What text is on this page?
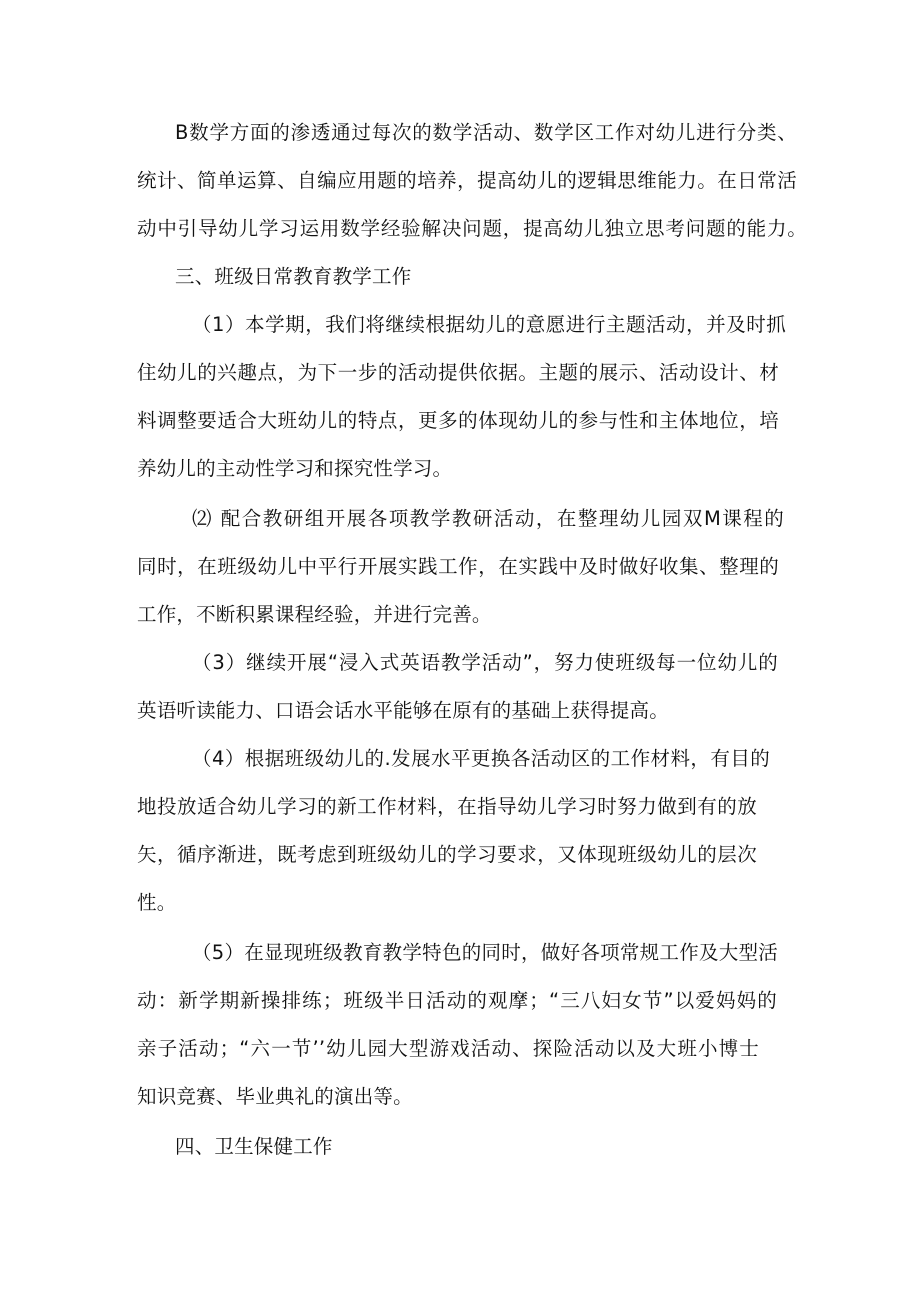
B数学方面的渗透通过每次的数学活动、数学区工作对幼儿进行分类、

统计、简单运算、自编应用题的培养，提高幼儿的逻辑思维能力。在日常活

动中引导幼儿学习运用数学经验解决问题，提高幼儿独立思考问题的能力。

三、班级日常教育教学工作

（1）本学期，我们将继续根据幼儿的意愿进行主题活动，并及时抓

住幼儿的兴趣点，为下一步的活动提供依据。主题的展示、活动设计、材

料调整要适合大班幼儿的特点，更多的体现幼儿的参与性和主体地位，培

养幼儿的主动性学习和探究性学习。

⑵ 配合教研组开展各项教学教研活动，在整理幼儿园双M课程的

同时，在班级幼儿中平行开展实践工作，在实践中及时做好收集、整理的

工作，不断积累课程经验，并进行完善。

（3）继续开展“浸入式英语教学活动”，努力使班级每一位幼儿的

英语听读能力、口语会话水平能够在原有的基础上获得提高。

（4）根据班级幼儿的.发展水平更换各活动区的工作材料，有目的

地投放适合幼儿学习的新工作材料，在指导幼儿学习时努力做到有的放

矢，循序渐进，既考虑到班级幼儿的学习要求，又体现班级幼儿的层次

性。

（5）在显现班级教育教学特色的同时，做好各项常规工作及大型活

动：新学期新操排练；班级半日活动的观摩；“三八妇女节”以爱妈妈的

亲子活动；“六一节’’幼儿园大型游戏活动、探险活动以及大班小博士

知识竞赛、毕业典礼的演出等。

四、卫生保健工作
